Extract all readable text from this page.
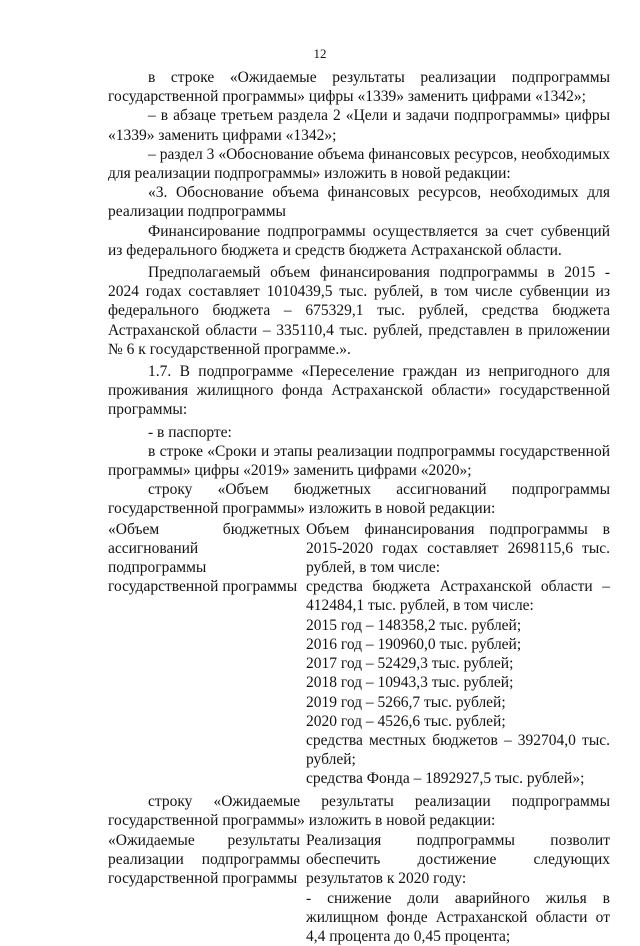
12

в строке «Ожидаемые результаты реализации подпрограммы государственной программы» цифры «1339» заменить цифрами «1342»;

– в абзаце третьем раздела 2 «Цели и задачи подпрограммы» цифры «1339» заменить цифрами «1342»;

– раздел 3 «Обоснование объема финансовых ресурсов, необходимых для реализации подпрограммы» изложить в новой редакции:

«3. Обоснование объема финансовых ресурсов, необходимых для реализации подпрограммы

Финансирование подпрограммы осуществляется за счет субвенций из федерального бюджета и средств бюджета Астраханской области.

Предполагаемый объем финансирования подпрограммы в 2015 - 2024 годах составляет 1010439,5 тыс. рублей, в том числе субвенции из федерального бюджета – 675329,1 тыс. рублей, средства бюджета Астраханской области – 335110,4 тыс. рублей, представлен в приложении № 6 к государственной программе.».

1.7. В подпрограмме «Переселение граждан из непригодного для проживания жилищного фонда Астраханской области» государственной программы:

- в паспорте:

в строке «Сроки и этапы реализации подпрограммы государственной программы» цифры «2019» заменить цифрами «2020»;

строку «Объем бюджетных ассигнований подпрограммы государственной программы» изложить в новой редакции:

«Объем бюджетных ассигнований подпрограммы государственной программы

Объем финансирования подпрограммы в 2015-2020 годах составляет 2698115,6 тыс. рублей, в том числе:

средства бюджета Астраханской области – 412484,1 тыс. рублей, в том числе:

2015 год – 148358,2 тыс. рублей;

2016 год – 190960,0 тыс. рублей;

2017 год – 52429,3 тыс. рублей;

2018 год – 10943,3 тыс. рублей;

2019 год – 5266,7 тыс. рублей;

2020 год – 4526,6 тыс. рублей;

средства местных бюджетов – 392704,0 тыс. рублей;

средства Фонда – 1892927,5 тыс. рублей»;

строку «Ожидаемые результаты реализации подпрограммы государственной программы» изложить в новой редакции:

«Ожидаемые результаты реализации подпрограммы государственной программы

Реализация подпрограммы позволит обеспечить достижение следующих результатов к 2020 году:

- снижение доли аварийного жилья в жилищном фонде Астраханской области от 4,4 процента до 0,45 процента;
